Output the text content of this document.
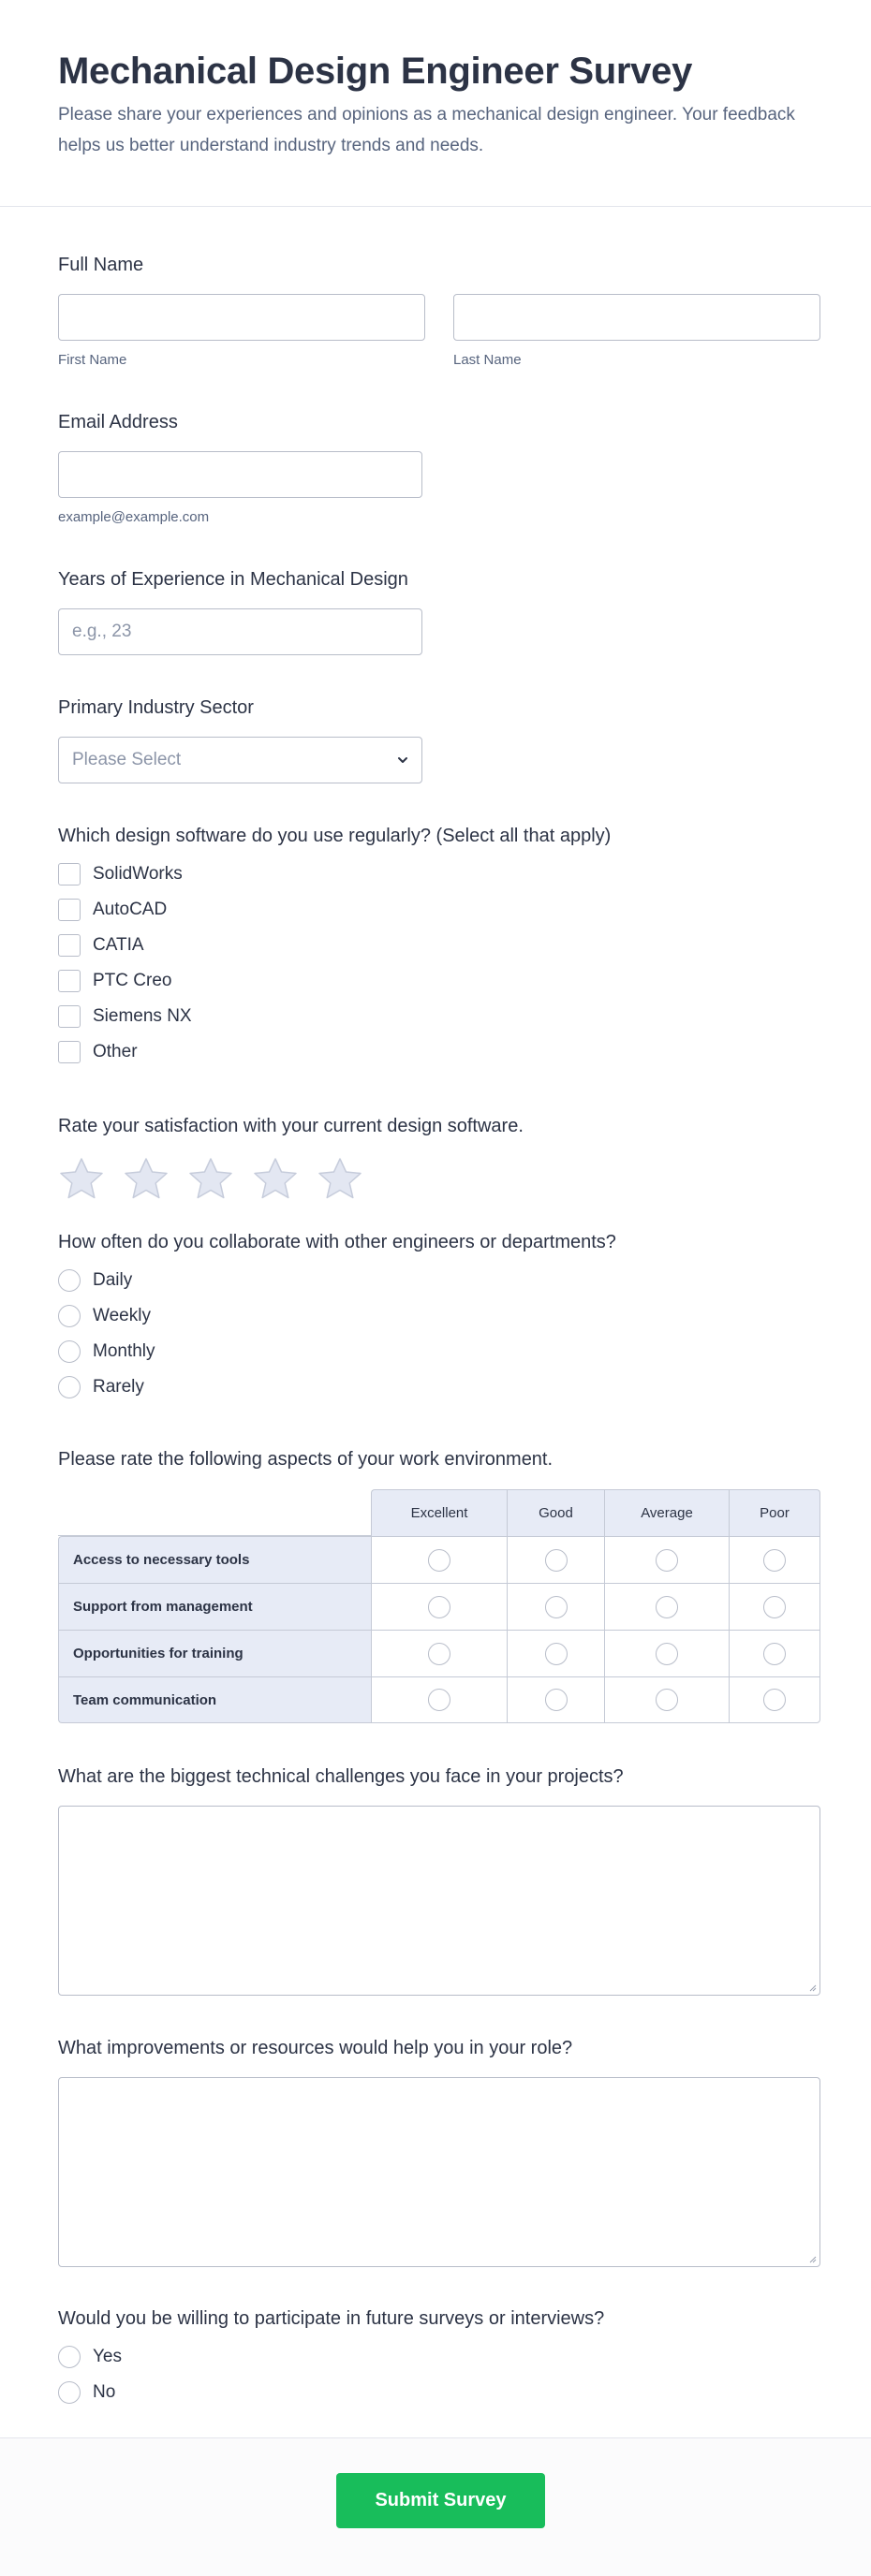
Mechanical Design Engineer Survey
Please share your experiences and opinions as a mechanical design engineer. Your feedback helps us better understand industry trends and needs.
Full Name
First Name	Last Name
Email Address
example@example.com
Years of Experience in Mechanical Design
e.g., 23
Primary Industry Sector
Please Select
Which design software do you use regularly? (Select all that apply)
SolidWorks
AutoCAD
CATIA
PTC Creo
Siemens NX
Other
Rate your satisfaction with your current design software.
How often do you collaborate with other engineers or departments?
Daily
Weekly
Monthly
Rarely
Please rate the following aspects of your work environment.
	Excellent	Good	Average	Poor
Access to necessary tools				
Support from management				
Opportunities for training				
Team communication				
What are the biggest technical challenges you face in your projects?
What improvements or resources would help you in your role?
Would you be willing to participate in future surveys or interviews?
Yes
No
Submit Survey
